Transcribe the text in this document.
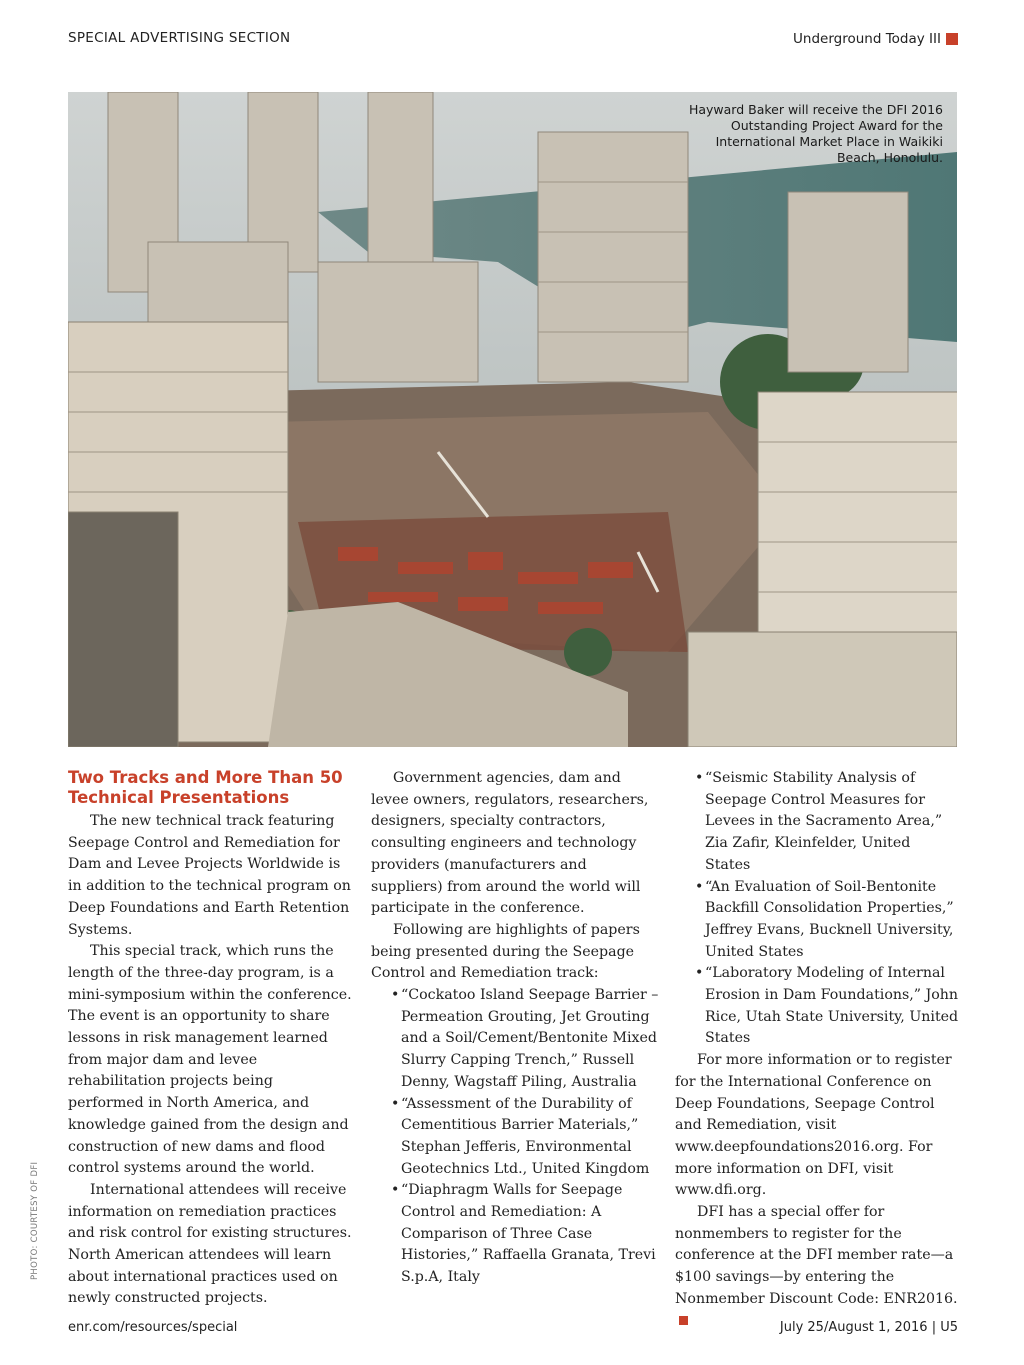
SPECIAL ADVERTISING SECTION	Underground Today III
Hayward Baker will receive the DFI 2016 Outstanding Project Award for the International Market Place in Waikiki Beach, Honolulu.
PHOTO: COURTESY OF DFI
Two Tracks and More Than 50 Technical Presentations

The new technical track featuring Seepage Control and Remediation for Dam and Levee Projects Worldwide is in addition to the technical program on Deep Foundations and Earth Retention Systems.

This special track, which runs the length of the three-day program, is a mini-symposium within the conference. The event is an opportunity to share lessons in risk management learned from major dam and levee rehabilitation projects being performed in North America, and knowledge gained from the design and construction of new dams and flood control systems around the world.

International attendees will receive information on remediation practices and risk control for existing structures. North American attendees will learn about international practices used on newly constructed projects.

Government agencies, dam and levee owners, regulators, researchers, designers, specialty contractors, consulting engineers and technology providers (manufacturers and suppliers) from around the world will participate in the conference.

Following are highlights of papers being presented during the Seepage Control and Remediation track:

• “Cockatoo Island Seepage Barrier – Permeation Grouting, Jet Grouting and a Soil/Cement/Bentonite Mixed Slurry Capping Trench,” Russell Denny, Wagstaff Piling, Australia
• “Assessment of the Durability of Cementitious Barrier Materials,” Stephan Jefferis, Environmental Geotechnics Ltd., United Kingdom
• “Diaphragm Walls for Seepage Control and Remediation: A Comparison of Three Case Histories,” Raffaella Granata, Trevi S.p.A, Italy
• “Seismic Stability Analysis of Seepage Control Measures for Levees in the Sacramento Area,” Zia Zafir, Kleinfelder, United States
• “An Evaluation of Soil-Bentonite Backfill Consolidation Properties,” Jeffrey Evans, Bucknell University, United States
• “Laboratory Modeling of Internal Erosion in Dam Foundations,” John Rice, Utah State University, United States

For more information or to register for the International Conference on Deep Foundations, Seepage Control and Remediation, visit www.deepfoundations2016.org. For more information on DFI, visit www.dfi.org.

DFI has a special offer for nonmembers to register for the conference at the DFI member rate—a $100 savings—by entering the Nonmember Discount Code: ENR2016.

enr.com/resources/special	July 25/August 1, 2016 | U5
